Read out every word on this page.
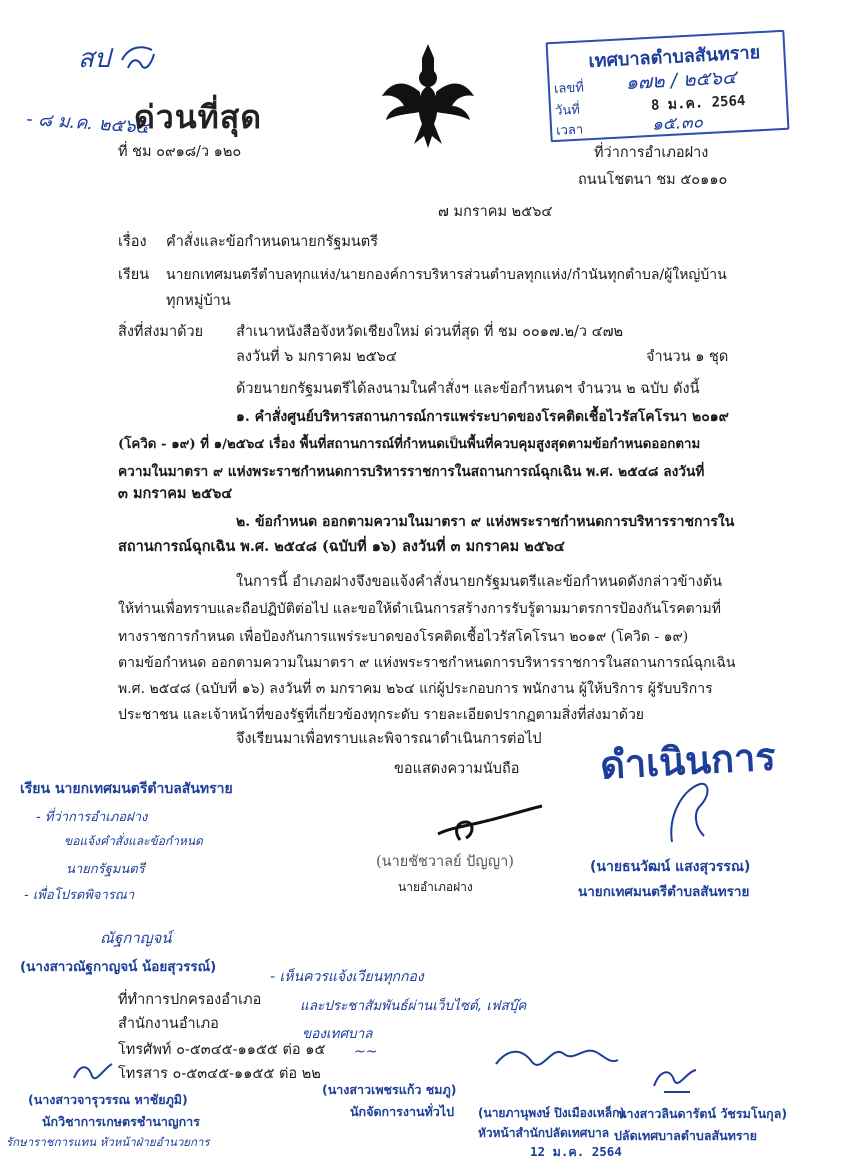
สป
- ๘ ม.ค. ๒๕๖๔
ด่วนที่สุด
ที่ ชม ๐๙๑๘/ว ๑๒๐
เทศบาลตำบลสันทราย
เลขที่ ๑๗๒ / ๒๕๖๔
วันที่	8 ม.ค. 2564
เวลา	๑๕.๓๐
ที่ว่าการอำเภอฝาง
ถนนโชตนา ชม ๕๐๑๑๐
๗ มกราคม ๒๕๖๔
เรื่อง คำสั่งและข้อกำหนดนายกรัฐมนตรี
เรียน นายกเทศมนตรีตำบลทุกแห่ง/นายกองค์การบริหารส่วนตำบลทุกแห่ง/กำนันทุกตำบล/ผู้ใหญ่บ้าน
ทุกหมู่บ้าน
สิ่งที่ส่งมาด้วย สำเนาหนังสือจังหวัดเชียงใหม่ ด่วนที่สุด ที่ ชม ๐๐๑๗.๒/ว ๔๗๒
ลงวันที่ ๖ มกราคม ๒๕๖๔	จำนวน ๑ ชุด
ด้วยนายกรัฐมนตรีได้ลงนามในคำสั่งฯ และข้อกำหนดฯ จำนวน ๒ ฉบับ ดังนี้
๑. คำสั่งศูนย์บริหารสถานการณ์การแพร่ระบาดของโรคติดเชื้อไวรัสโคโรนา ๒๐๑๙
(โควิด - ๑๙) ที่ ๑/๒๕๖๔ เรื่อง พื้นที่สถานการณ์ที่กำหนดเป็นพื้นที่ควบคุมสูงสุดตามข้อกำหนดออกตาม
ความในมาตรา ๙ แห่งพระราชกำหนดการบริหารราชการในสถานการณ์ฉุกเฉิน พ.ศ. ๒๕๔๘ ลงวันที่
๓ มกราคม ๒๕๖๔
๒. ข้อกำหนด ออกตามความในมาตรา ๙ แห่งพระราชกำหนดการบริหารราชการใน
สถานการณ์ฉุกเฉิน พ.ศ. ๒๕๔๘ (ฉบับที่ ๑๖) ลงวันที่ ๓ มกราคม ๒๕๖๔
ในการนี้ อำเภอฝางจึงขอแจ้งคำสั่งนายกรัฐมนตรีและข้อกำหนดดังกล่าวข้างต้น
ให้ท่านเพื่อทราบและถือปฏิบัติต่อไป และขอให้ดำเนินการสร้างการรับรู้ตามมาตรการป้องกันโรคตามที่
ทางราชการกำหนด เพื่อป้องกันการแพร่ระบาดของโรคติดเชื้อไวรัสโคโรนา ๒๐๑๙ (โควิด - ๑๙)
ตามข้อกำหนด ออกตามความในมาตรา ๙ แห่งพระราชกำหนดการบริหารราชการในสถานการณ์ฉุกเฉิน
พ.ศ. ๒๕๔๘ (ฉบับที่ ๑๖) ลงวันที่ ๓ มกราคม ๒๖๔ แก่ผู้ประกอบการ พนักงาน ผู้ให้บริการ ผู้รับบริการ
ประชาชน และเจ้าหน้าที่ของรัฐที่เกี่ยวข้องทุกระดับ รายละเอียดปรากฏตามสิ่งที่ส่งมาด้วย
จึงเรียนมาเพื่อทราบและพิจารณาดำเนินการต่อไป
ขอแสดงความนับถือ
(นายชัชวาลย์ ปัญญา)
นายอำเภอฝาง
ดำเนินการ
(นายธนวัฒน์ แสงสุวรรณ)
นายกเทศมนตรีตำบลสันทราย
เรียน นายกเทศมนตรีตำบลสันทราย
- ที่ว่าการอำเภอฝาง
ขอแจ้งคำสั่งและข้อกำหนด
นายกรัฐมนตรี
- เพื่อโปรดพิจารณา
ณัฐกาญจน์
(นางสาวณัฐกาญจน์ น้อยสุวรรณ์)
- เห็นควรแจ้งเวียนทุกกอง
และประชาสัมพันธ์ผ่านเว็บไซต์, เฟสบุ๊ค
ของเทศบาล
~~
ที่ทำการปกครองอำเภอ
สำนักงานอำเภอ
โทรศัพท์ ๐-๕๓๔๕-๑๑๕๕ ต่อ ๑๕
โทรสาร ๐-๕๓๔๕-๑๑๕๕ ต่อ ๒๒
(นางสาวจารุวรรณ หาชัยภูมิ)
นักวิชาการเกษตรชำนาญการ
รักษาราชการแทน หัวหน้าฝ่ายอำนวยการ
(นางสาวเพชรแก้ว ชมภู)
นักจัดการงานทั่วไป (นายภานุพงษ์ ปิงเมืองเหล็ก)
หัวหน้าสำนักปลัดเทศบาล
12 ม.ค. 2564
นางสาวลินดารัตน์ วัชรมโนกุล)
ปลัดเทศบาลตำบลสันทราย
